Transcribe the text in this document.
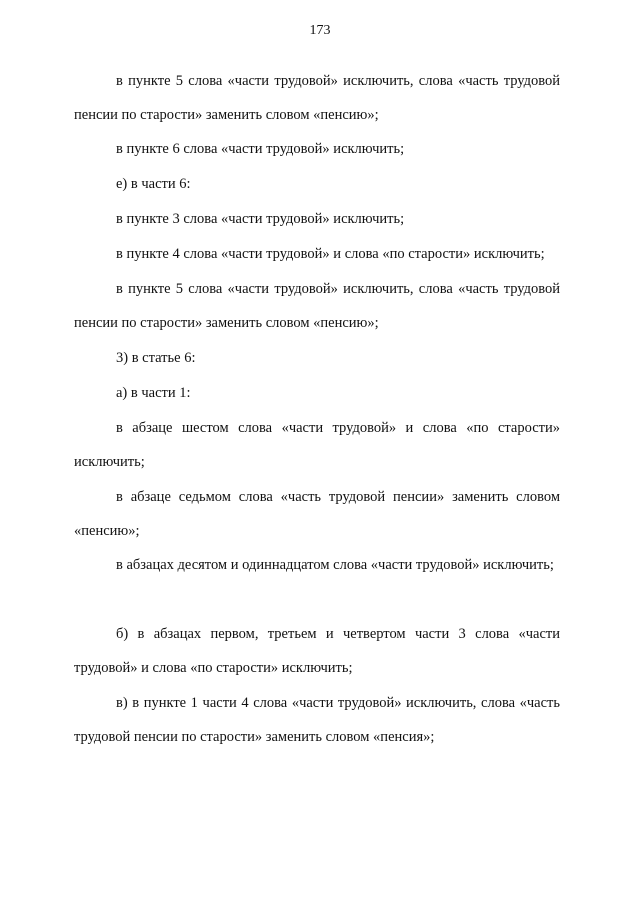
173

в пункте 5 слова «части трудовой» исключить, слова «часть трудовой пенсии по старости» заменить словом «пенсию»;

в пункте 6 слова «части трудовой» исключить;

е) в части 6:

в пункте 3 слова «части трудовой» исключить;

в пункте 4 слова «части трудовой» и слова «по старости» исключить;

в пункте 5 слова «части трудовой» исключить, слова «часть трудовой пенсии по старости» заменить словом «пенсию»;

3) в статье 6:

а) в части 1:

в абзаце шестом слова «части трудовой» и слова «по старости» исключить;

в абзаце седьмом слова «часть трудовой пенсии» заменить словом «пенсию»;

в абзацах десятом и одиннадцатом слова «части трудовой» исключить;

б) в абзацах первом, третьем и четвертом части 3 слова «части трудовой» и слова «по старости» исключить;

в) в пункте 1 части 4 слова «части трудовой» исключить, слова «часть трудовой пенсии по старости» заменить словом «пенсия»;
